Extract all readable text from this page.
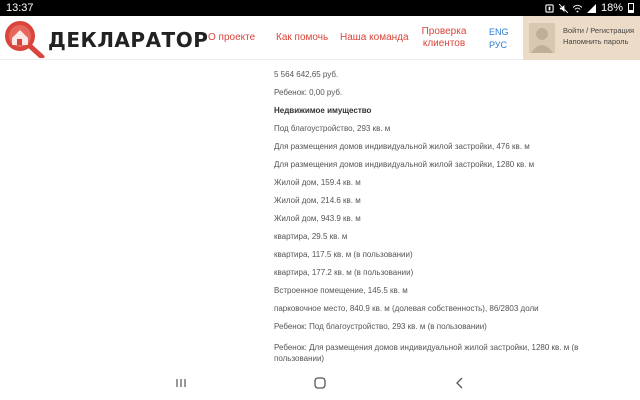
13:37	18%
ДЕКЛАРАТОР О проекте Как помочь Наша команда
Проверка
клиентов
ENG
РУС
Войти / Регистрация
Напомнить пароль
5 564 642,65 руб.
Ребенок: 0,00 руб.
Недвижимое имущество
Под благоустройство, 293 кв. м
Для размещения домов индивидуальной жилой застройки, 476 кв. м
Для размещения домов индивидуальной жилой застройки, 1280 кв. м
Жилой дом, 159.4 кв. м
Жилой дом, 214.6 кв. м
Жилой дом, 943.9 кв. м
квартира, 29.5 кв. м
квартира, 117.5 кв. м (в пользовании)
квартира, 177.2 кв. м (в пользовании)
Встроенное помещение, 145.5 кв. м
парковочное место, 840.9 кв. м (долевая собственность), 86/2803 доли
Ребенок: Под благоустройство, 293 кв. м (в пользовании)
Ребенок: Для размещения домов индивидуальной жилой застройки, 1280 кв. м (в пользовании)
